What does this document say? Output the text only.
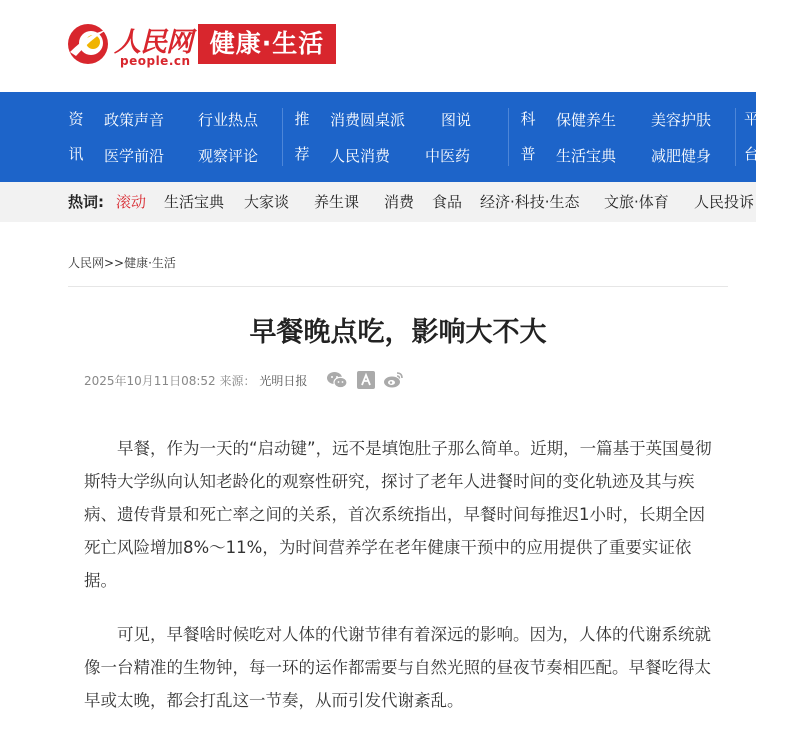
人民网
people.cn
健康·生活
资
讯
政策声音 行业热点
医学前沿 观察评论
推
荐
消费圆桌派 图说
人民消费 中医药
科
普
保健养生 美容护肤
生活宝典 减肥健身
平
台
热词: 滚动 生活宝典 大家谈 养生课 消费 食品 经济·科技·生态 文旅·体育 人民投诉
人民网>>健康·生活
早餐晚点吃，影响大不大
2025年10月11日08:52 来源： 光明日报

早餐，作为一天的“启动键”，远不是填饱肚子那么简单。近期，一篇基于英国曼彻斯特大学纵向认知老龄化的观察性研究，探讨了老年人进餐时间的变化轨迹及其与疾病、遗传背景和死亡率之间的关系，首次系统指出，早餐时间每推迟1小时，长期全因死亡风险增加8%～11%，为时间营养学在老年健康干预中的应用提供了重要实证依据。

可见，早餐啥时候吃对人体的代谢节律有着深远的影响。因为，人体的代谢系统就像一台精准的生物钟，每一环的运作都需要与自然光照的昼夜节奏相匹配。早餐吃得太早或太晚，都会打乱这一节奏，从而引发代谢紊乱。
